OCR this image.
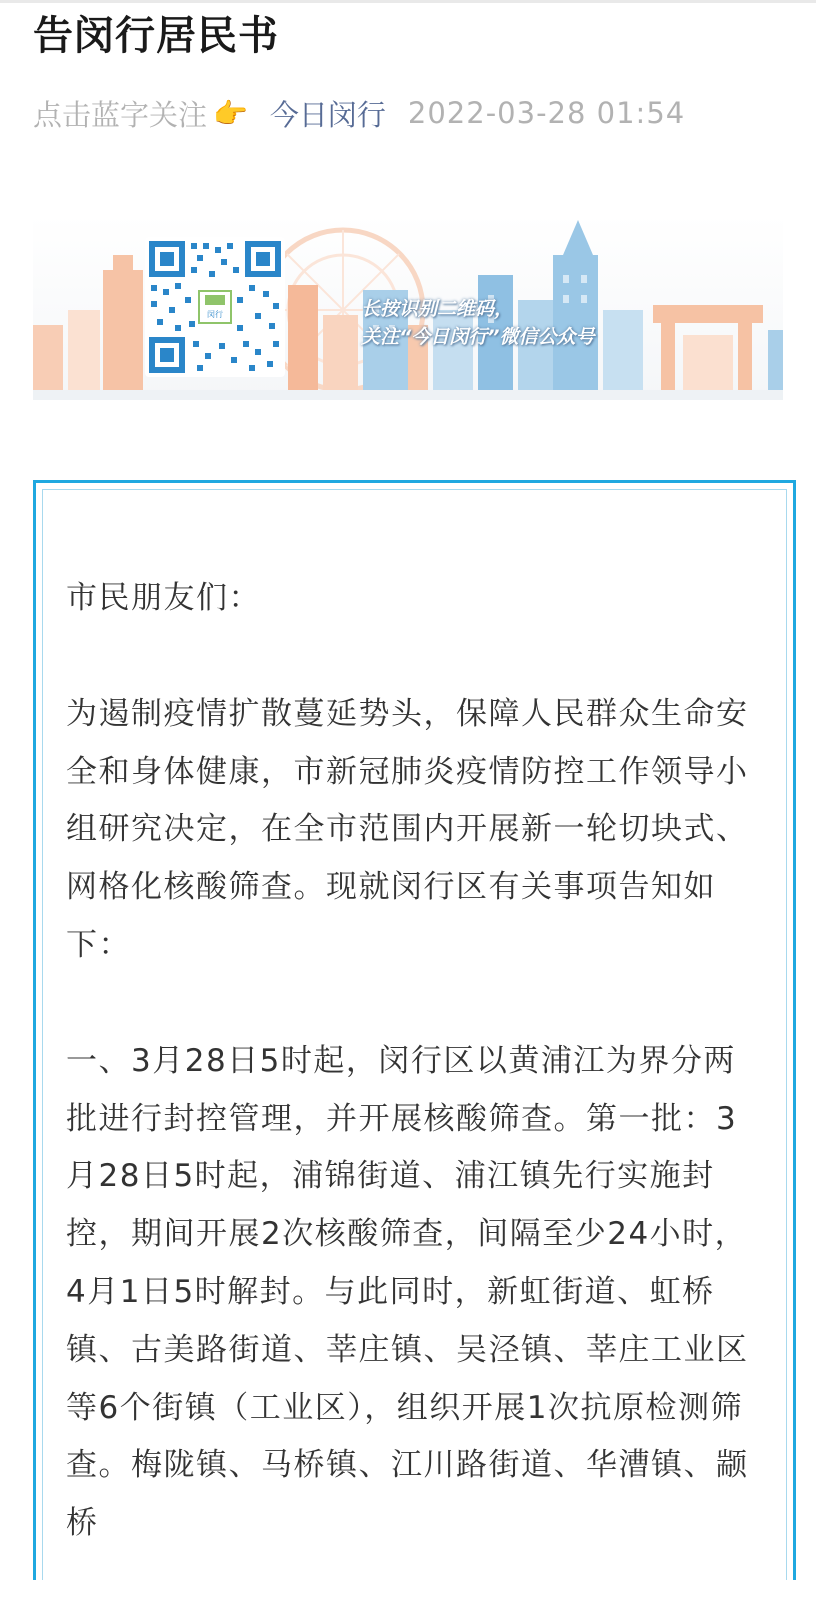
告闵行居民书
点击蓝字关注 👉 今日闵行 2022-03-28 01:54
闵行	长按识别二维码，
关注“今日闵行”微信公众号

市民朋友们：

为遏制疫情扩散蔓延势头，保障人民群众生命安全和身体健康，市新冠肺炎疫情防控工作领导小组研究决定，在全市范围内开展新一轮切块式、网格化核酸筛查。现就闵行区有关事项告知如下：

一、3月28日5时起，闵行区以黄浦江为界分两批进行封控管理，并开展核酸筛查。第一批：3月28日5时起，浦锦街道、浦江镇先行实施封控，期间开展2次核酸筛查，间隔至少24小时，4月1日5时解封。与此同时，新虹街道、虹桥镇、古美路街道、莘庄镇、吴泾镇、莘庄工业区等6个街镇（工业区），组织开展1次抗原检测筛查。梅陇镇、马桥镇、江川路街道、华漕镇、颛桥
